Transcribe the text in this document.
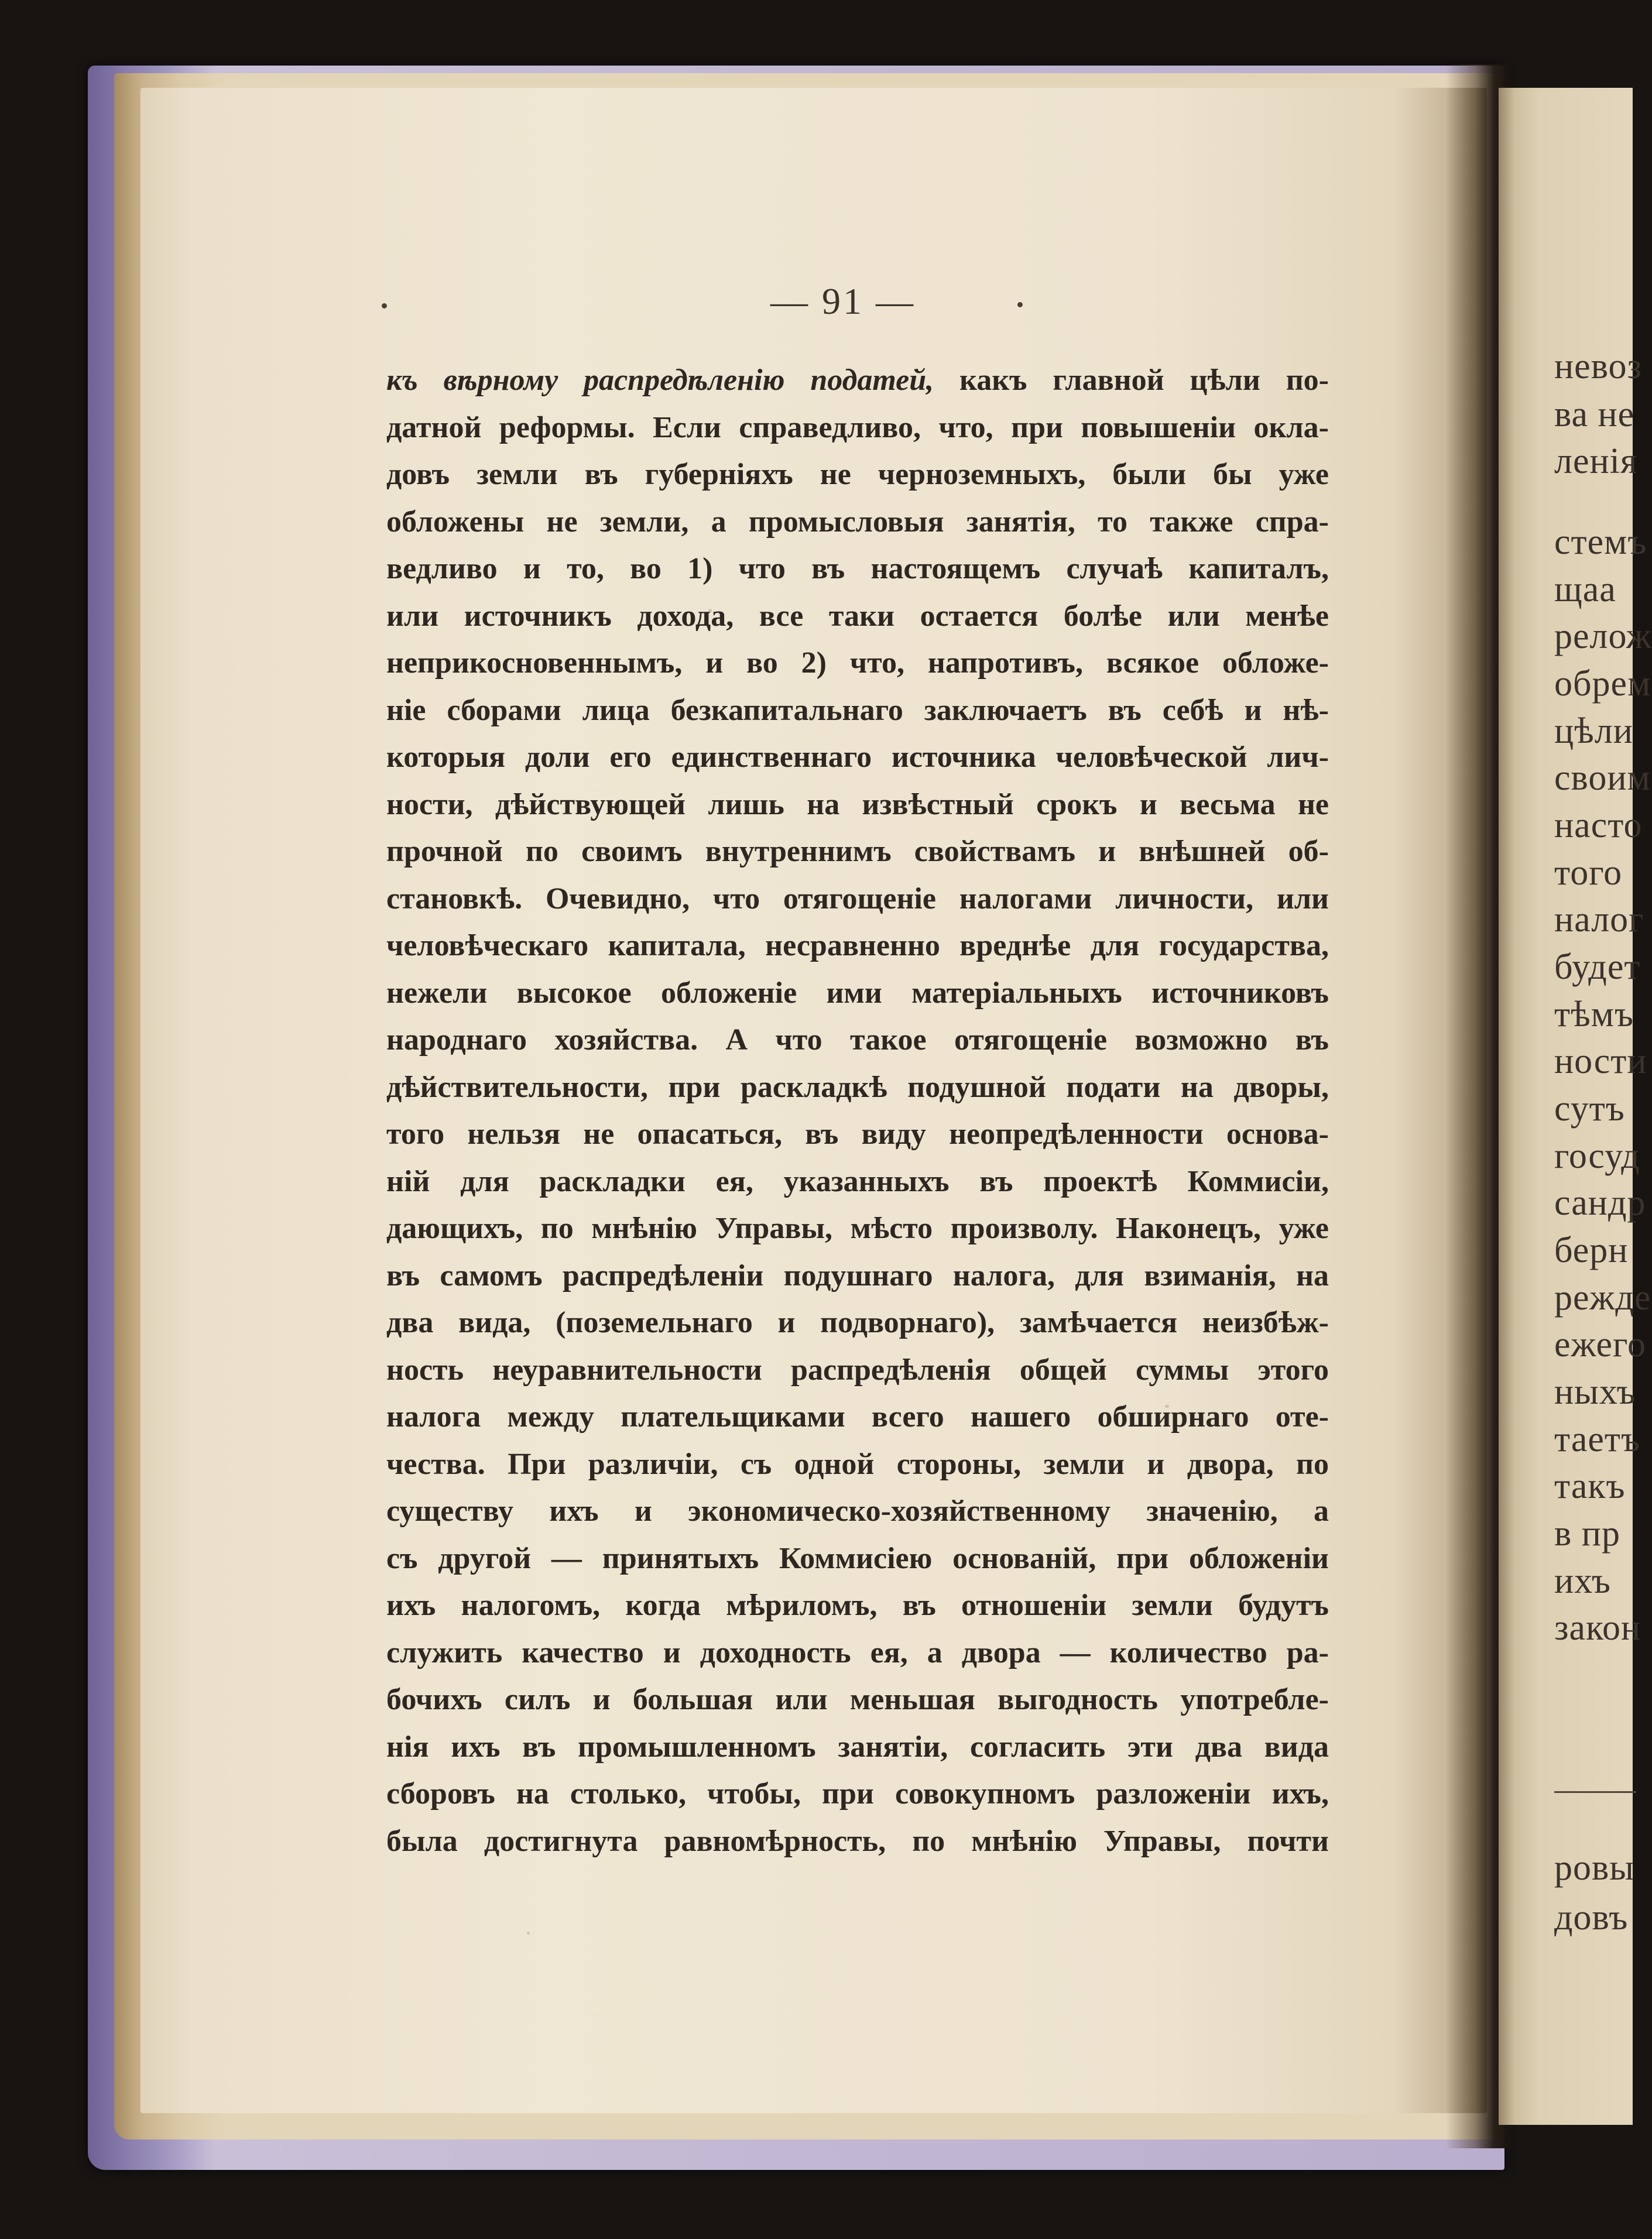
невоз
ва не
ленія
стемъ
щаа
релож
обрем
цѣли
своим
насто
того
налог
будет
тѣмъ
ности
сутъ
госуд
сандр
берн
режде
ежего
ныхъ
таетъ
такъ
в пр
ихъ
закон
ровы
довъ
— 91 —
къ вѣрному распредѣленію податей, какъ главной цѣли по-
датной реформы. Если справедливо, что, при повышеніи окла-
довъ земли въ губерніяхъ не черноземныхъ, были бы уже
обложены не земли, а промысловыя занятія, то также спра-
ведливо и то, во 1) что въ настоящемъ случаѣ капиталъ,
или источникъ дохода, все таки остается болѣе или менѣе
неприкосновеннымъ, и во 2) что, напротивъ, всякое обложе-
ніе сборами лица безкапитальнаго заключаетъ въ себѣ и нѣ-
которыя доли его единственнаго источника человѣческой лич-
ности, дѣйствующей лишь на извѣстный срокъ и весьма не
прочной по своимъ внутреннимъ свойствамъ и внѣшней об-
становкѣ. Очевидно, что отягощеніе налогами личности, или
человѣческаго капитала, несравненно вреднѣе для государства,
нежели высокое обложеніе ими матеріальныхъ источниковъ
народнаго хозяйства. А что такое отягощеніе возможно въ
дѣйствительности, при раскладкѣ подушной подати на дворы,
того нельзя не опасаться, въ виду неопредѣленности основа-
ній для раскладки ея, указанныхъ въ проектѣ Коммисіи,
дающихъ, по мнѣнію Управы, мѣсто произволу. Наконецъ, уже
въ самомъ распредѣленіи подушнаго налога, для взиманія, на
два вида, (поземельнаго и подворнаго), замѣчается неизбѣж-
ность неуравнительности распредѣленія общей суммы этого
налога между плательщиками всего нашего обширнаго оте-
чества. При различіи, съ одной стороны, земли и двора, по
существу ихъ и экономическо-хозяйственному значенію, а
съ другой — принятыхъ Коммисіею основаній, при обложеніи
ихъ налогомъ, когда мѣриломъ, въ отношеніи земли будутъ
служить качество и доходность ея, а двора — количество ра-
бочихъ силъ и большая или меньшая выгодность употребле-
нія ихъ въ промышленномъ занятіи, согласить эти два вида
сборовъ на столько, чтобы, при совокупномъ разложеніи ихъ,
была достигнута равномѣрность, по мнѣнію Управы, почти
